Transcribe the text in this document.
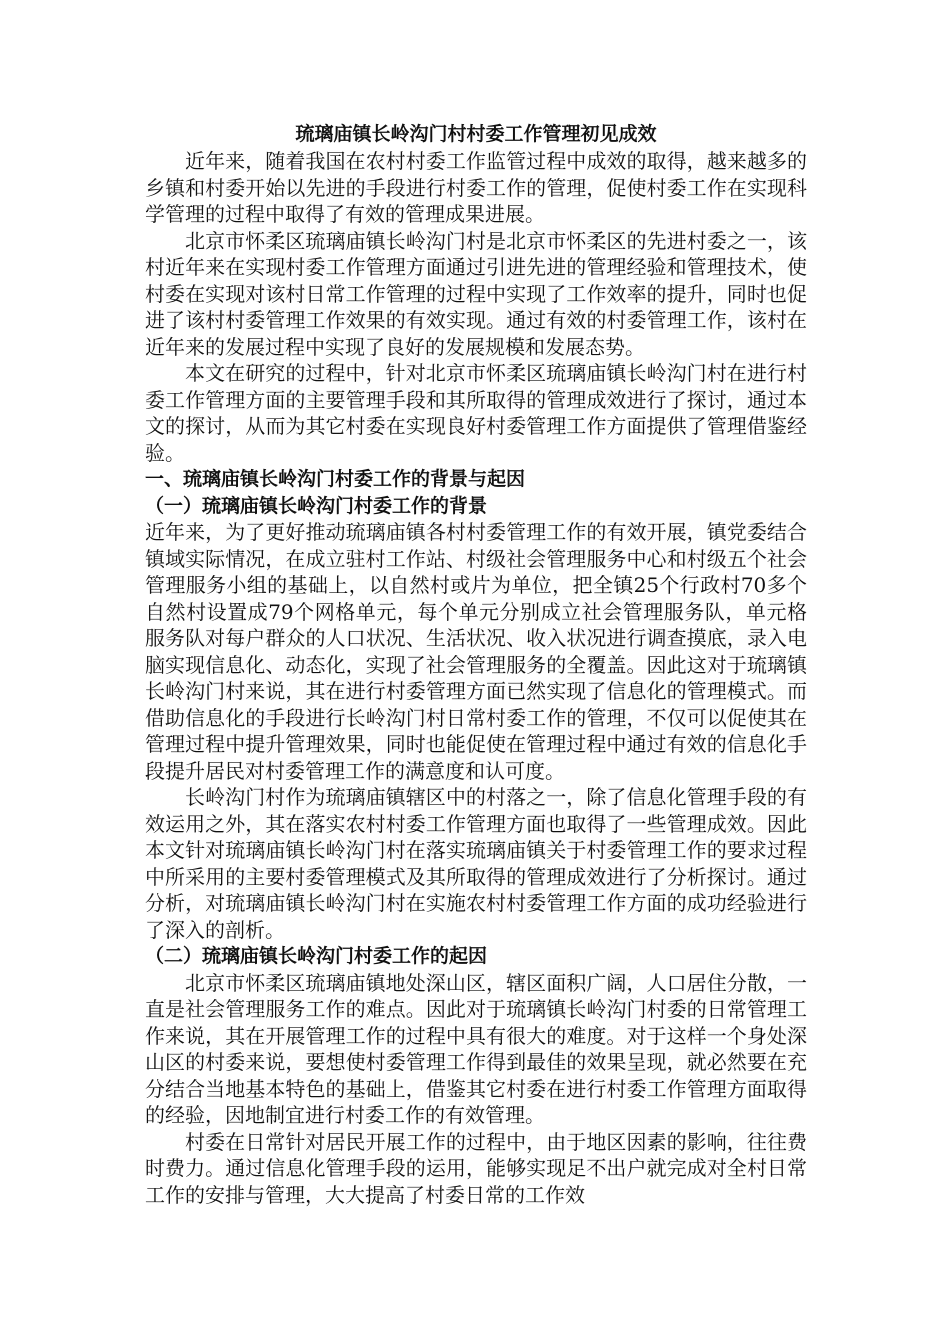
琉璃庙镇长岭沟门村村委工作管理初见成效

近年来，随着我国在农村村委工作监管过程中成效的取得，越来越多的乡镇和村委开始以先进的手段进行村委工作的管理，促使村委工作在实现科学管理的过程中取得了有效的管理成果进展。

北京市怀柔区琉璃庙镇长岭沟门村是北京市怀柔区的先进村委之一，该村近年来在实现村委工作管理方面通过引进先进的管理经验和管理技术，使村委在实现对该村日常工作管理的过程中实现了工作效率的提升，同时也促进了该村村委管理工作效果的有效实现。通过有效的村委管理工作，该村在近年来的发展过程中实现了良好的发展规模和发展态势。

本文在研究的过程中，针对北京市怀柔区琉璃庙镇长岭沟门村在进行村委工作管理方面的主要管理手段和其所取得的管理成效进行了探讨，通过本文的探讨，从而为其它村委在实现良好村委管理工作方面提供了管理借鉴经验。

一、琉璃庙镇长岭沟门村委工作的背景与起因

（一）琉璃庙镇长岭沟门村委工作的背景

近年来，为了更好推动琉璃庙镇各村村委管理工作的有效开展，镇党委结合镇域实际情况，在成立驻村工作站、村级社会管理服务中心和村级五个社会管理服务小组的基础上，以自然村或片为单位，把全镇25个行政村70多个自然村设置成79个网格单元，每个单元分别成立社会管理服务队，单元格服务队对每户群众的人口状况、生活状况、收入状况进行调查摸底，录入电脑实现信息化、动态化，实现了社会管理服务的全覆盖。因此这对于琉璃镇长岭沟门村来说，其在进行村委管理方面已然实现了信息化的管理模式。而借助信息化的手段进行长岭沟门村日常村委工作的管理，不仅可以促使其在管理过程中提升管理效果，同时也能促使在管理过程中通过有效的信息化手段提升居民对村委管理工作的满意度和认可度。

长岭沟门村作为琉璃庙镇辖区中的村落之一，除了信息化管理手段的有效运用之外，其在落实农村村委工作管理方面也取得了一些管理成效。因此本文针对琉璃庙镇长岭沟门村在落实琉璃庙镇关于村委管理工作的要求过程中所采用的主要村委管理模式及其所取得的管理成效进行了分析探讨。通过分析，对琉璃庙镇长岭沟门村在实施农村村委管理工作方面的成功经验进行了深入的剖析。

（二）琉璃庙镇长岭沟门村委工作的起因

北京市怀柔区琉璃庙镇地处深山区，辖区面积广阔，人口居住分散，一直是社会管理服务工作的难点。因此对于琉璃镇长岭沟门村委的日常管理工作来说，其在开展管理工作的过程中具有很大的难度。对于这样一个身处深山区的村委来说，要想使村委管理工作得到最佳的效果呈现，就必然要在充分结合当地基本特色的基础上，借鉴其它村委在进行村委工作管理方面取得的经验，因地制宜进行村委工作的有效管理。

村委在日常针对居民开展工作的过程中，由于地区因素的影响，往往费时费力。通过信息化管理手段的运用，能够实现足不出户就完成对全村日常工作的安排与管理，大大提高了村委日常的工作效
